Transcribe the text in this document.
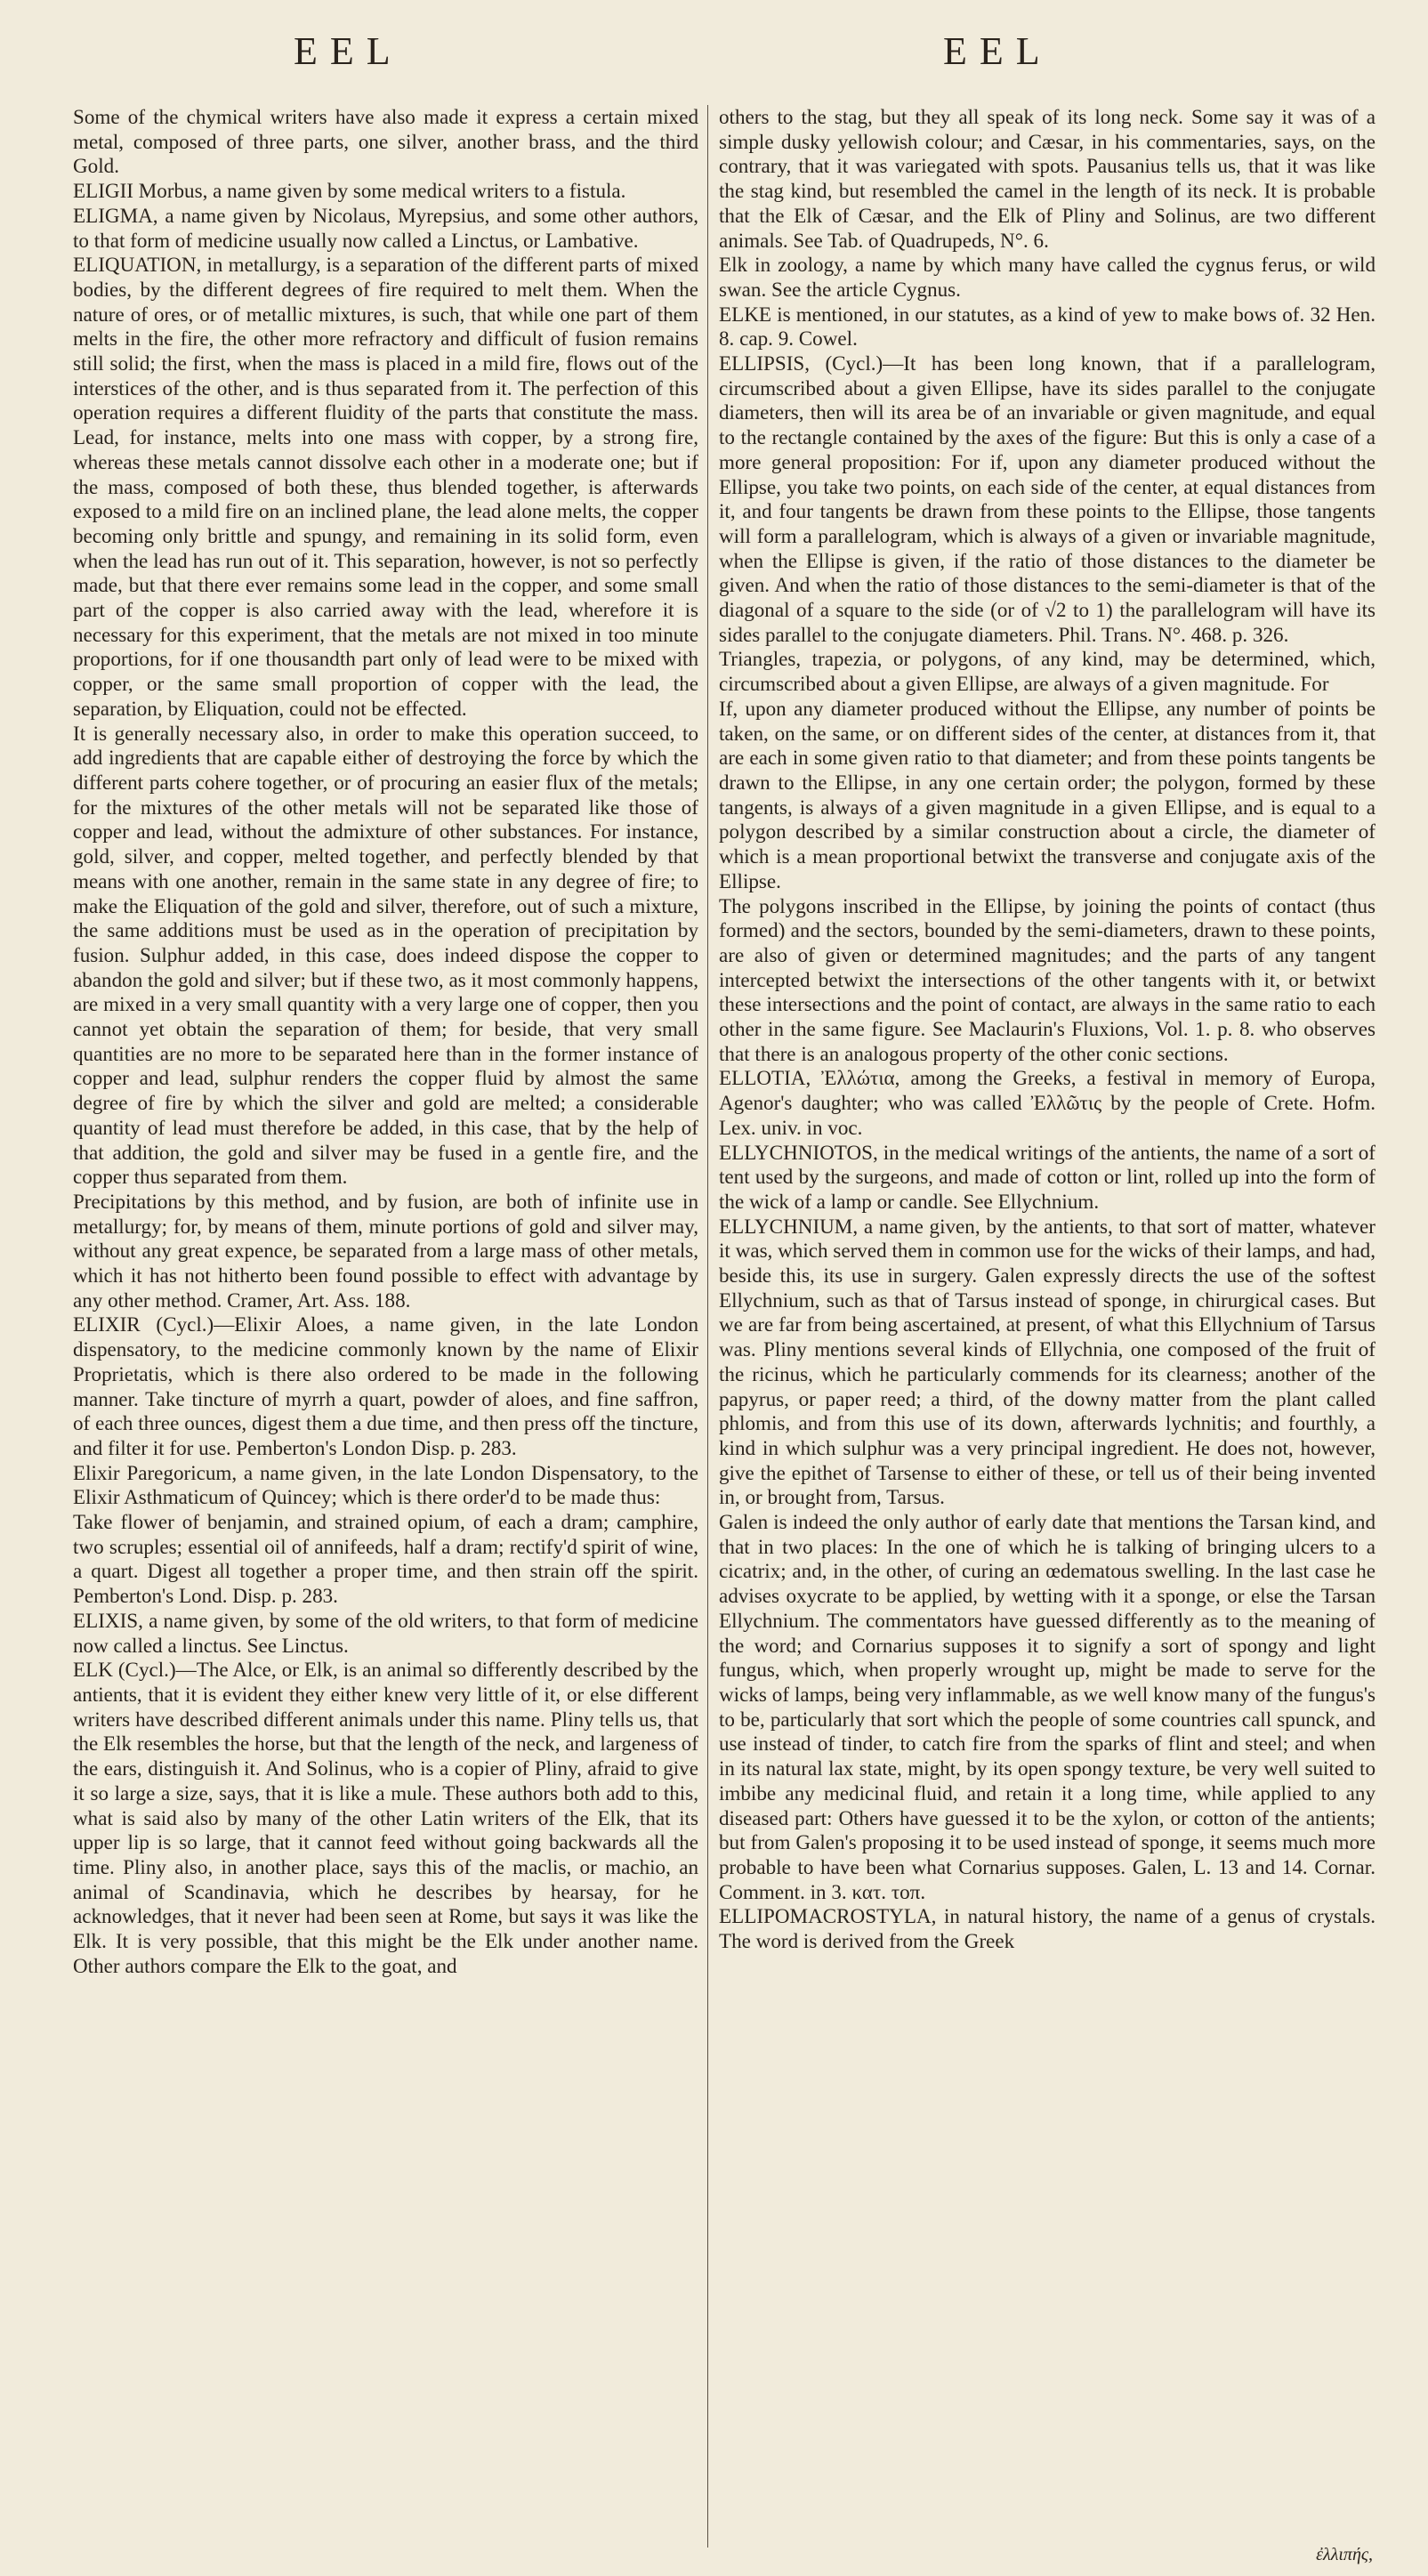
EEL	EEL

Some of the chymical writers have also made it express a certain mixed metal, composed of three parts, one silver, another brass, and the third Gold.

ELIGII Morbus, a name given by some medical writers to a fistula.

ELIGMA, a name given by Nicolaus, Myrepsius, and some other authors, to that form of medicine usually now called a Linctus, or Lambative.

ELIQUATION, in metallurgy, is a separation of the different parts of mixed bodies, by the different degrees of fire required to melt them. When the nature of ores, or of metallic mixtures, is such, that while one part of them melts in the fire, the other more refractory and difficult of fusion remains still solid; the first, when the mass is placed in a mild fire, flows out of the interstices of the other, and is thus separated from it. The perfection of this operation requires a different fluidity of the parts that constitute the mass. Lead, for instance, melts into one mass with copper, by a strong fire, whereas these metals cannot dissolve each other in a moderate one; but if the mass, composed of both these, thus blended together, is afterwards exposed to a mild fire on an inclined plane, the lead alone melts, the copper becoming only brittle and spungy, and remaining in its solid form, even when the lead has run out of it. This separation, however, is not so perfectly made, but that there ever remains some lead in the copper, and some small part of the copper is also carried away with the lead, wherefore it is necessary for this experiment, that the metals are not mixed in too minute proportions, for if one thousandth part only of lead were to be mixed with copper, or the same small proportion of copper with the lead, the separation, by Eliquation, could not be effected.

It is generally necessary also, in order to make this operation succeed, to add ingredients that are capable either of destroying the force by which the different parts cohere together, or of procuring an easier flux of the metals; for the mixtures of the other metals will not be separated like those of copper and lead, without the admixture of other substances. For instance, gold, silver, and copper, melted together, and perfectly blended by that means with one another, remain in the same state in any degree of fire; to make the Eliquation of the gold and silver, therefore, out of such a mixture, the same additions must be used as in the operation of precipitation by fusion. Sulphur added, in this case, does indeed dispose the copper to abandon the gold and silver; but if these two, as it most commonly happens, are mixed in a very small quantity with a very large one of copper, then you cannot yet obtain the separation of them; for beside, that very small quantities are no more to be separated here than in the former instance of copper and lead, sulphur renders the copper fluid by almost the same degree of fire by which the silver and gold are melted; a considerable quantity of lead must therefore be added, in this case, that by the help of that addition, the gold and silver may be fused in a gentle fire, and the copper thus separated from them.

Precipitations by this method, and by fusion, are both of infinite use in metallurgy; for, by means of them, minute portions of gold and silver may, without any great expence, be separated from a large mass of other metals, which it has not hitherto been found possible to effect with advantage by any other method. Cramer, Art. Ass. 188.

ELIXIR (Cycl.)—Elixir Aloes, a name given, in the late London dispensatory, to the medicine commonly known by the name of Elixir Proprietatis, which is there also ordered to be made in the following manner. Take tincture of myrrh a quart, powder of aloes, and fine saffron, of each three ounces, digest them a due time, and then press off the tincture, and filter it for use. Pemberton's London Disp. p. 283.

Elixir Paregoricum, a name given, in the late London Dispensatory, to the Elixir Asthmaticum of Quincey; which is there order'd to be made thus:

Take flower of benjamin, and strained opium, of each a dram; camphire, two scruples; essential oil of annifeeds, half a dram; rectify'd spirit of wine, a quart. Digest all together a proper time, and then strain off the spirit. Pemberton's Lond. Disp. p. 283.

ELIXIS, a name given, by some of the old writers, to that form of medicine now called a linctus. See Linctus.

ELK (Cycl.)—The Alce, or Elk, is an animal so differently described by the antients, that it is evident they either knew very little of it, or else different writers have described different animals under this name. Pliny tells us, that the Elk resembles the horse, but that the length of the neck, and largeness of the ears, distinguish it. And Solinus, who is a copier of Pliny, afraid to give it so large a size, says, that it is like a mule. These authors both add to this, what is said also by many of the other Latin writers of the Elk, that its upper lip is so large, that it cannot feed without going backwards all the time. Pliny also, in another place, says this of the maclis, or machio, an animal of Scandinavia, which he describes by hearsay, for he acknowledges, that it never had been seen at Rome, but says it was like the Elk. It is very possible, that this might be the Elk under another name. Other authors compare the Elk to the goat, and

others to the stag, but they all speak of its long neck. Some say it was of a simple dusky yellowish colour; and Cæsar, in his commentaries, says, on the contrary, that it was variegated with spots. Pausanius tells us, that it was like the stag kind, but resembled the camel in the length of its neck. It is probable that the Elk of Cæsar, and the Elk of Pliny and Solinus, are two different animals. See Tab. of Quadrupeds, N°. 6.

Elk in zoology, a name by which many have called the cygnus ferus, or wild swan. See the article Cygnus.

ELKE is mentioned, in our statutes, as a kind of yew to make bows of. 32 Hen. 8. cap. 9. Cowel.

ELLIPSIS, (Cycl.)—It has been long known, that if a parallelogram, circumscribed about a given Ellipse, have its sides parallel to the conjugate diameters, then will its area be of an invariable or given magnitude, and equal to the rectangle contained by the axes of the figure: But this is only a case of a more general proposition: For if, upon any diameter produced without the Ellipse, you take two points, on each side of the center, at equal distances from it, and four tangents be drawn from these points to the Ellipse, those tangents will form a parallelogram, which is always of a given or invariable magnitude, when the Ellipse is given, if the ratio of those distances to the diameter be given. And when the ratio of those distances to the semi-diameter is that of the diagonal of a square to the side (or of √2 to 1) the parallelogram will have its sides parallel to the conjugate diameters. Phil. Trans. N°. 468. p. 326.

Triangles, trapezia, or polygons, of any kind, may be determined, which, circumscribed about a given Ellipse, are always of a given magnitude. For

If, upon any diameter produced without the Ellipse, any number of points be taken, on the same, or on different sides of the center, at distances from it, that are each in some given ratio to that diameter; and from these points tangents be drawn to the Ellipse, in any one certain order; the polygon, formed by these tangents, is always of a given magnitude in a given Ellipse, and is equal to a polygon described by a similar construction about a circle, the diameter of which is a mean proportional betwixt the transverse and conjugate axis of the Ellipse.

The polygons inscribed in the Ellipse, by joining the points of contact (thus formed) and the sectors, bounded by the semi-diameters, drawn to these points, are also of given or determined magnitudes; and the parts of any tangent intercepted betwixt the intersections of the other tangents with it, or betwixt these intersections and the point of contact, are always in the same ratio to each other in the same figure. See Maclaurin's Fluxions, Vol. 1. p. 8. who observes that there is an analogous property of the other conic sections.

ELLOTIA, Ἐλλώτια, among the Greeks, a festival in memory of Europa, Agenor's daughter; who was called Ἐλλῶτις by the people of Crete. Hofm. Lex. univ. in voc.

ELLYCHNIOTOS, in the medical writings of the antients, the name of a sort of tent used by the surgeons, and made of cotton or lint, rolled up into the form of the wick of a lamp or candle. See Ellychnium.

ELLYCHNIUM, a name given, by the antients, to that sort of matter, whatever it was, which served them in common use for the wicks of their lamps, and had, beside this, its use in surgery. Galen expressly directs the use of the softest Ellychnium, such as that of Tarsus instead of sponge, in chirurgical cases. But we are far from being ascertained, at present, of what this Ellychnium of Tarsus was. Pliny mentions several kinds of Ellychnia, one composed of the fruit of the ricinus, which he particularly commends for its clearness; another of the papyrus, or paper reed; a third, of the downy matter from the plant called phlomis, and from this use of its down, afterwards lychnitis; and fourthly, a kind in which sulphur was a very principal ingredient. He does not, however, give the epithet of Tarsense to either of these, or tell us of their being invented in, or brought from, Tarsus.

Galen is indeed the only author of early date that mentions the Tarsan kind, and that in two places: In the one of which he is talking of bringing ulcers to a cicatrix; and, in the other, of curing an œdematous swelling. In the last case he advises oxycrate to be applied, by wetting with it a sponge, or else the Tarsan Ellychnium. The commentators have guessed differently as to the meaning of the word; and Cornarius supposes it to signify a sort of spongy and light fungus, which, when properly wrought up, might be made to serve for the wicks of lamps, being very inflammable, as we well know many of the fungus's to be, particularly that sort which the people of some countries call spunck, and use instead of tinder, to catch fire from the sparks of flint and steel; and when in its natural lax state, might, by its open spongy texture, be very well suited to imbibe any medicinal fluid, and retain it a long time, while applied to any diseased part: Others have guessed it to be the xylon, or cotton of the antients; but from Galen's proposing it to be used instead of sponge, it seems much more probable to have been what Cornarius supposes. Galen, L. 13 and 14. Cornar. Comment. in 3. κατ. τοπ.

ELLIPOMACROSTYLA, in natural history, the name of a genus of crystals. The word is derived from the Greek

ἐλλιπής,
